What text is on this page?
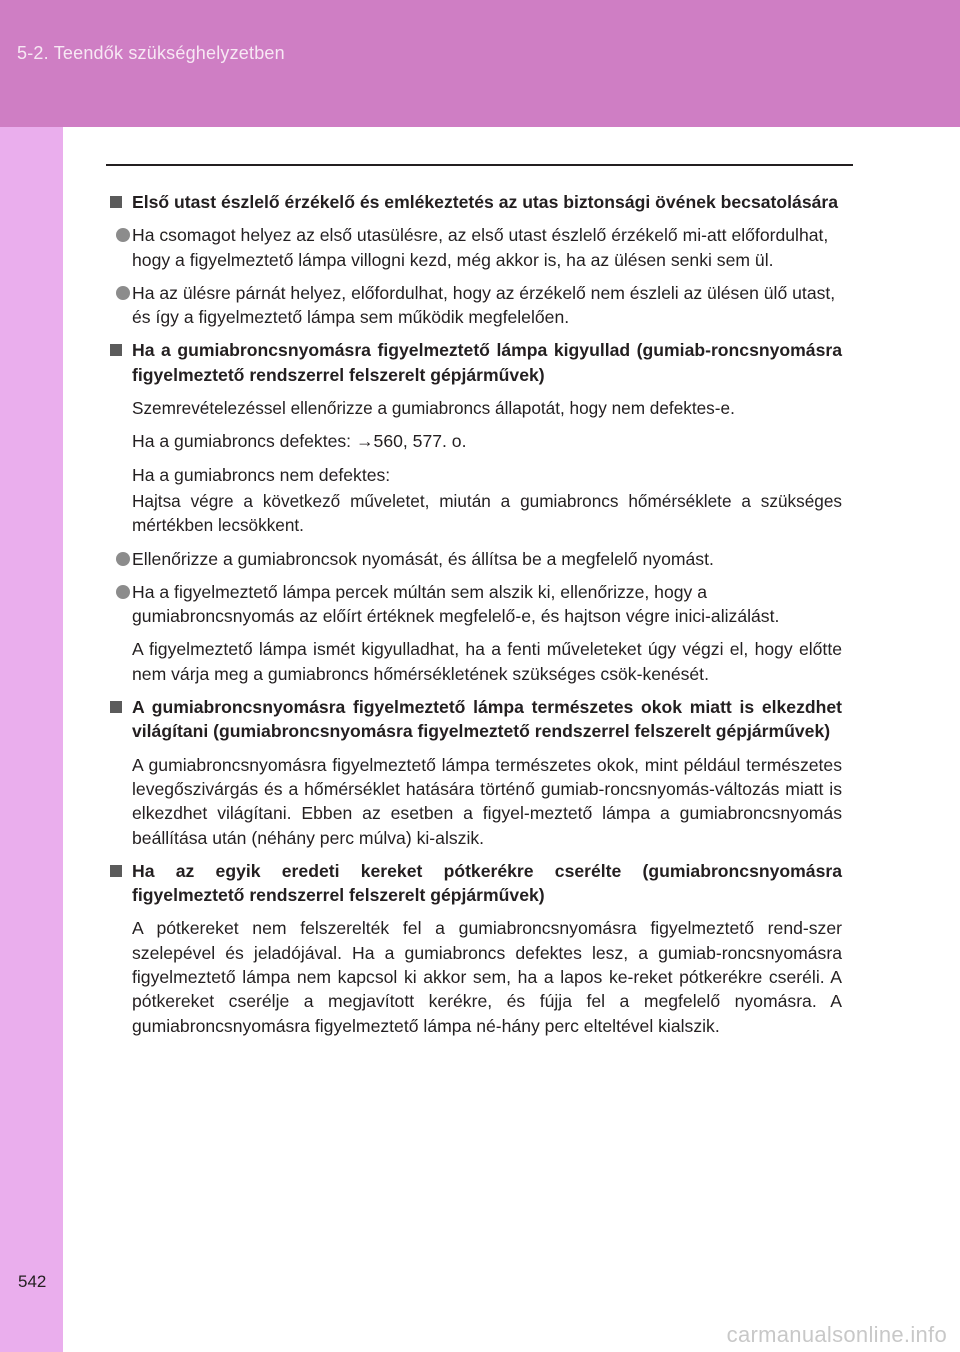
5-2. Teendők szükséghelyzetben
Első utast észlelő érzékelő és emlékeztetés az utas biztonsági övének becsatolására
Ha csomagot helyez az első utasülésre, az első utast észlelő érzékelő mi-att előfordulhat, hogy a figyelmeztető lámpa villogni kezd, még akkor is, ha az ülésen senki sem ül.
Ha az ülésre párnát helyez, előfordulhat, hogy az érzékelő nem észleli az ülésen ülő utast, és így a figyelmeztető lámpa sem működik megfelelően.
Ha a gumiabroncsnyomásra figyelmeztető lámpa kigyullad (gumiab-roncsnyomásra figyelmeztető rendszerrel felszerelt gépjárművek)
Szemrevételezéssel ellenőrizze a gumiabroncs állapotát, hogy nem defektes-e.
Ha a gumiabroncs defektes: →560, 577. o.
Ha a gumiabroncs nem defektes:
Hajtsa végre a következő műveletet, miután a gumiabroncs hőmérséklete a szükséges mértékben lecsökkent.
Ellenőrizze a gumiabroncsok nyomását, és állítsa be a megfelelő nyomást.
Ha a figyelmeztető lámpa percek múltán sem alszik ki, ellenőrizze, hogy a gumiabroncsnyomás az előírt értéknek megfelelő-e, és hajtson végre inici-alizálást.
A figyelmeztető lámpa ismét kigyulladhat, ha a fenti műveleteket úgy végzi el, hogy előtte nem várja meg a gumiabroncs hőmérsékletének szükséges csök-kenését.
A gumiabroncsnyomásra figyelmeztető lámpa természetes okok miatt is elkezdhet világítani (gumiabroncsnyomásra figyelmeztető rendszerrel felszerelt gépjárművek)
A gumiabroncsnyomásra figyelmeztető lámpa természetes okok, mint például természetes levegőszivárgás és a hőmérséklet hatására történő gumiab-roncsnyomás-változás miatt is elkezdhet világítani. Ebben az esetben a figyel-meztető lámpa a gumiabroncsnyomás beállítása után (néhány perc múlva) ki-alszik.
Ha az egyik eredeti kereket pótkerékre cserélte (gumiabroncsnyomásra figyelmeztető rendszerrel felszerelt gépjárművek)
A pótkereket nem felszerelték fel a gumiabroncsnyomásra figyelmeztető rend-szer szelepével és jeladójával. Ha a gumiabroncs defektes lesz, a gumiab-roncsnyomásra figyelmeztető lámpa nem kapcsol ki akkor sem, ha a lapos ke-reket pótkerékre cseréli. A pótkereket cserélje a megjavított kerékre, és fújja fel a megfelelő nyomásra. A gumiabroncsnyomásra figyelmeztető lámpa né-hány perc elteltével kialszik.
542
carmanualsonline.info
